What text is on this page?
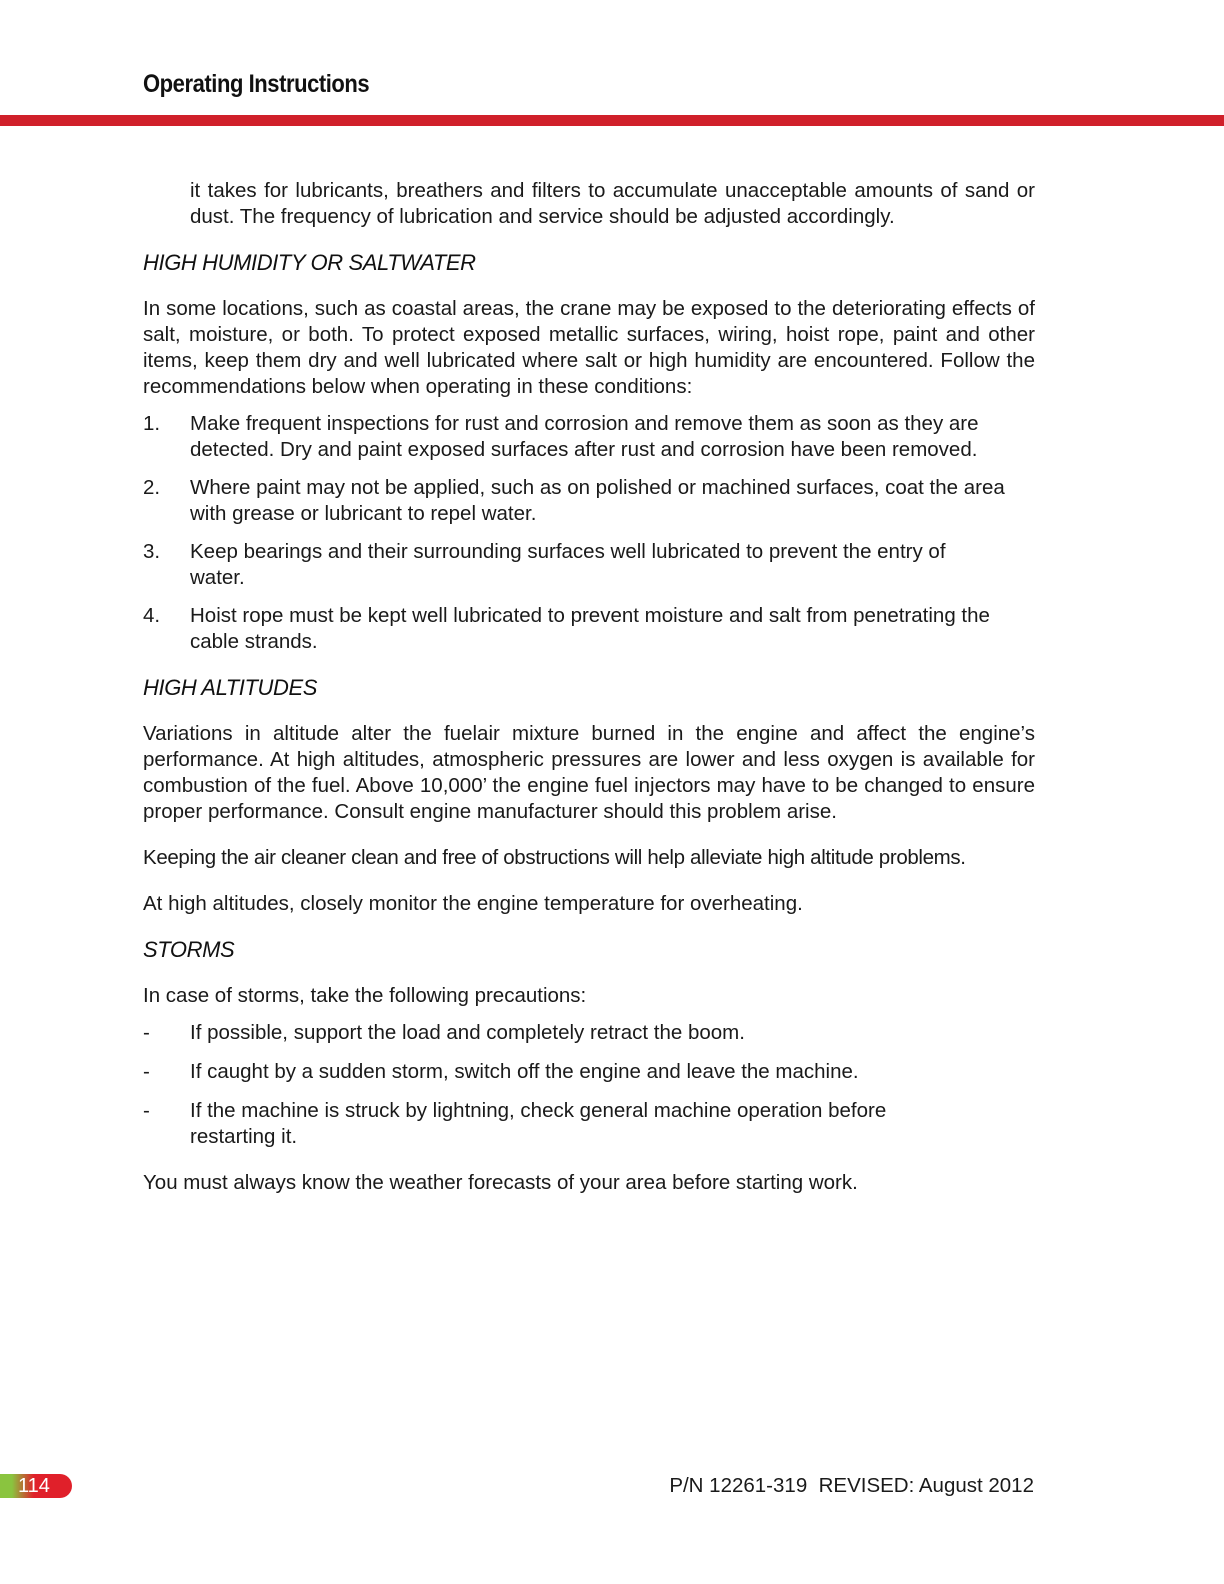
Operating Instructions

it takes for lubricants, breathers and filters to accumulate unacceptable amounts of sand or dust. The frequency of lubrication and service should be adjusted accordingly.

HIGH HUMIDITY OR SALTWATER

In some locations, such as coastal areas, the crane may be exposed to the deteriorating effects of salt, moisture, or both. To protect exposed metallic surfaces, wiring, hoist rope, paint and other items, keep them dry and well lubricated where salt or high humidity are encountered. Follow the recommendations below when operating in these conditions:

1.	Make frequent inspections for rust and corrosion and remove them as soon as they are detected. Dry and paint exposed surfaces after rust and corrosion have been removed.
2.	Where paint may not be applied, such as on polished or machined surfaces, coat the area with grease or lubricant to repel water.
3.	Keep bearings and their surrounding surfaces well lubricated to prevent the entry of water.
4.	Hoist rope must be kept well lubricated to prevent moisture and salt from penetrating the cable strands.
HIGH ALTITUDES

Variations in altitude alter the fuelair mixture burned in the engine and affect the engine’s performance. At high altitudes, atmospheric pressures are lower and less oxygen is available for combustion of the fuel. Above 10,000’ the engine fuel injectors may have to be changed to ensure proper performance. Consult engine manufacturer should this problem arise.

Keeping the air cleaner clean and free of obstructions will help alleviate high altitude problems.

At high altitudes, closely monitor the engine temperature for overheating.

STORMS

In case of storms, take the following precautions:

-	If possible, support the load and completely retract the boom.
-	If caught by a sudden storm, switch off the engine and leave the machine.
-	If the machine is struck by lightning, check general machine operation before restarting it.

You must always know the weather forecasts of your area before starting work.

114	P/N 12261-319  REVISED: August 2012
